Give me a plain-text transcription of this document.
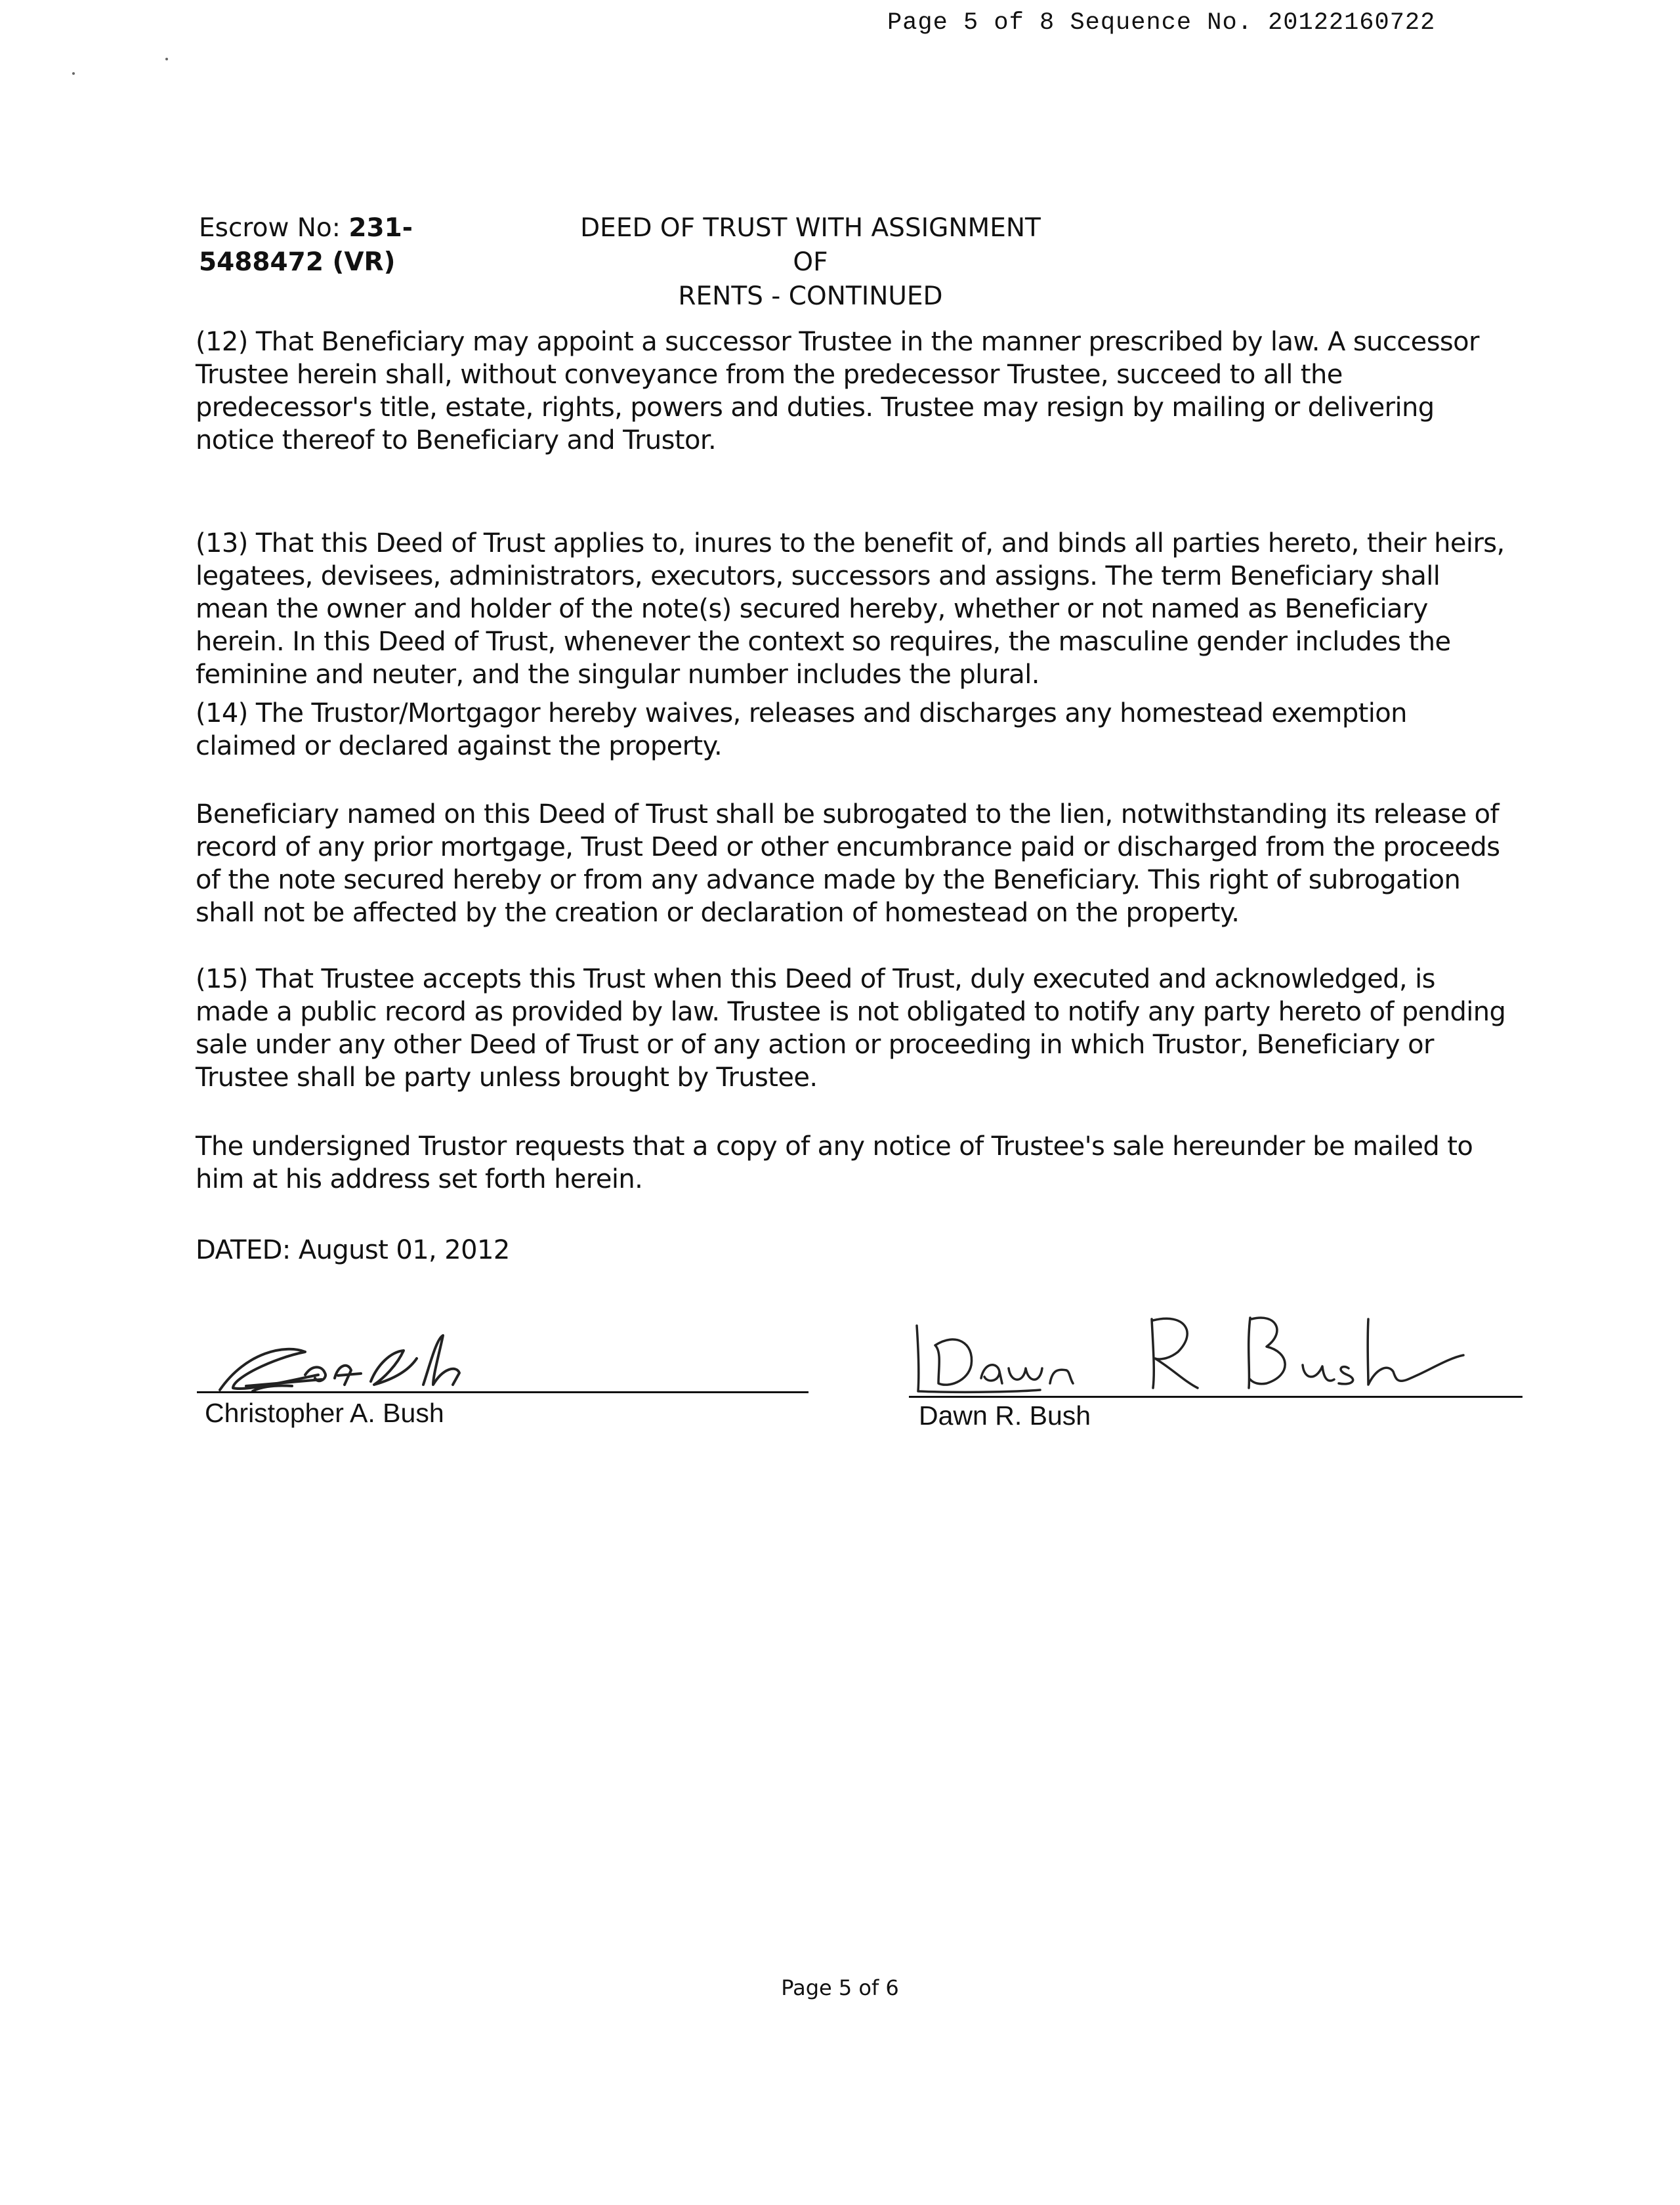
Page 5 of 8 Sequence No. 20122160722
Escrow No: 231-
5488472 (VR)
DEED OF TRUST WITH ASSIGNMENT OF
RENTS - CONTINUED
(12) That Beneficiary may appoint a successor Trustee in the manner prescribed by law. A successor Trustee herein shall, without conveyance from the predecessor Trustee, succeed to all the predecessor's title, estate, rights, powers and duties. Trustee may resign by mailing or delivering notice thereof to Beneficiary and Trustor.
(13) That this Deed of Trust applies to, inures to the benefit of, and binds all parties hereto, their heirs, legatees, devisees, administrators, executors, successors and assigns. The term Beneficiary shall mean the owner and holder of the note(s) secured hereby, whether or not named as Beneficiary herein. In this Deed of Trust, whenever the context so requires, the masculine gender includes the feminine and neuter, and the singular number includes the plural.
(14) The Trustor/Mortgagor hereby waives, releases and discharges any homestead exemption claimed or declared against the property.
Beneficiary named on this Deed of Trust shall be subrogated to the lien, notwithstanding its release of record of any prior mortgage, Trust Deed or other encumbrance paid or discharged from the proceeds of the note secured hereby or from any advance made by the Beneficiary. This right of subrogation shall not be affected by the creation or declaration of homestead on the property.
(15) That Trustee accepts this Trust when this Deed of Trust, duly executed and acknowledged, is made a public record as provided by law. Trustee is not obligated to notify any party hereto of pending sale under any other Deed of Trust or of any action or proceeding in which Trustor, Beneficiary or Trustee shall be party unless brought by Trustee.
The undersigned Trustor requests that a copy of any notice of Trustee's sale hereunder be mailed to him at his address set forth herein.
DATED: August 01, 2012
Christopher A. Bush	Dawn R. Bush
Page 5 of 6
